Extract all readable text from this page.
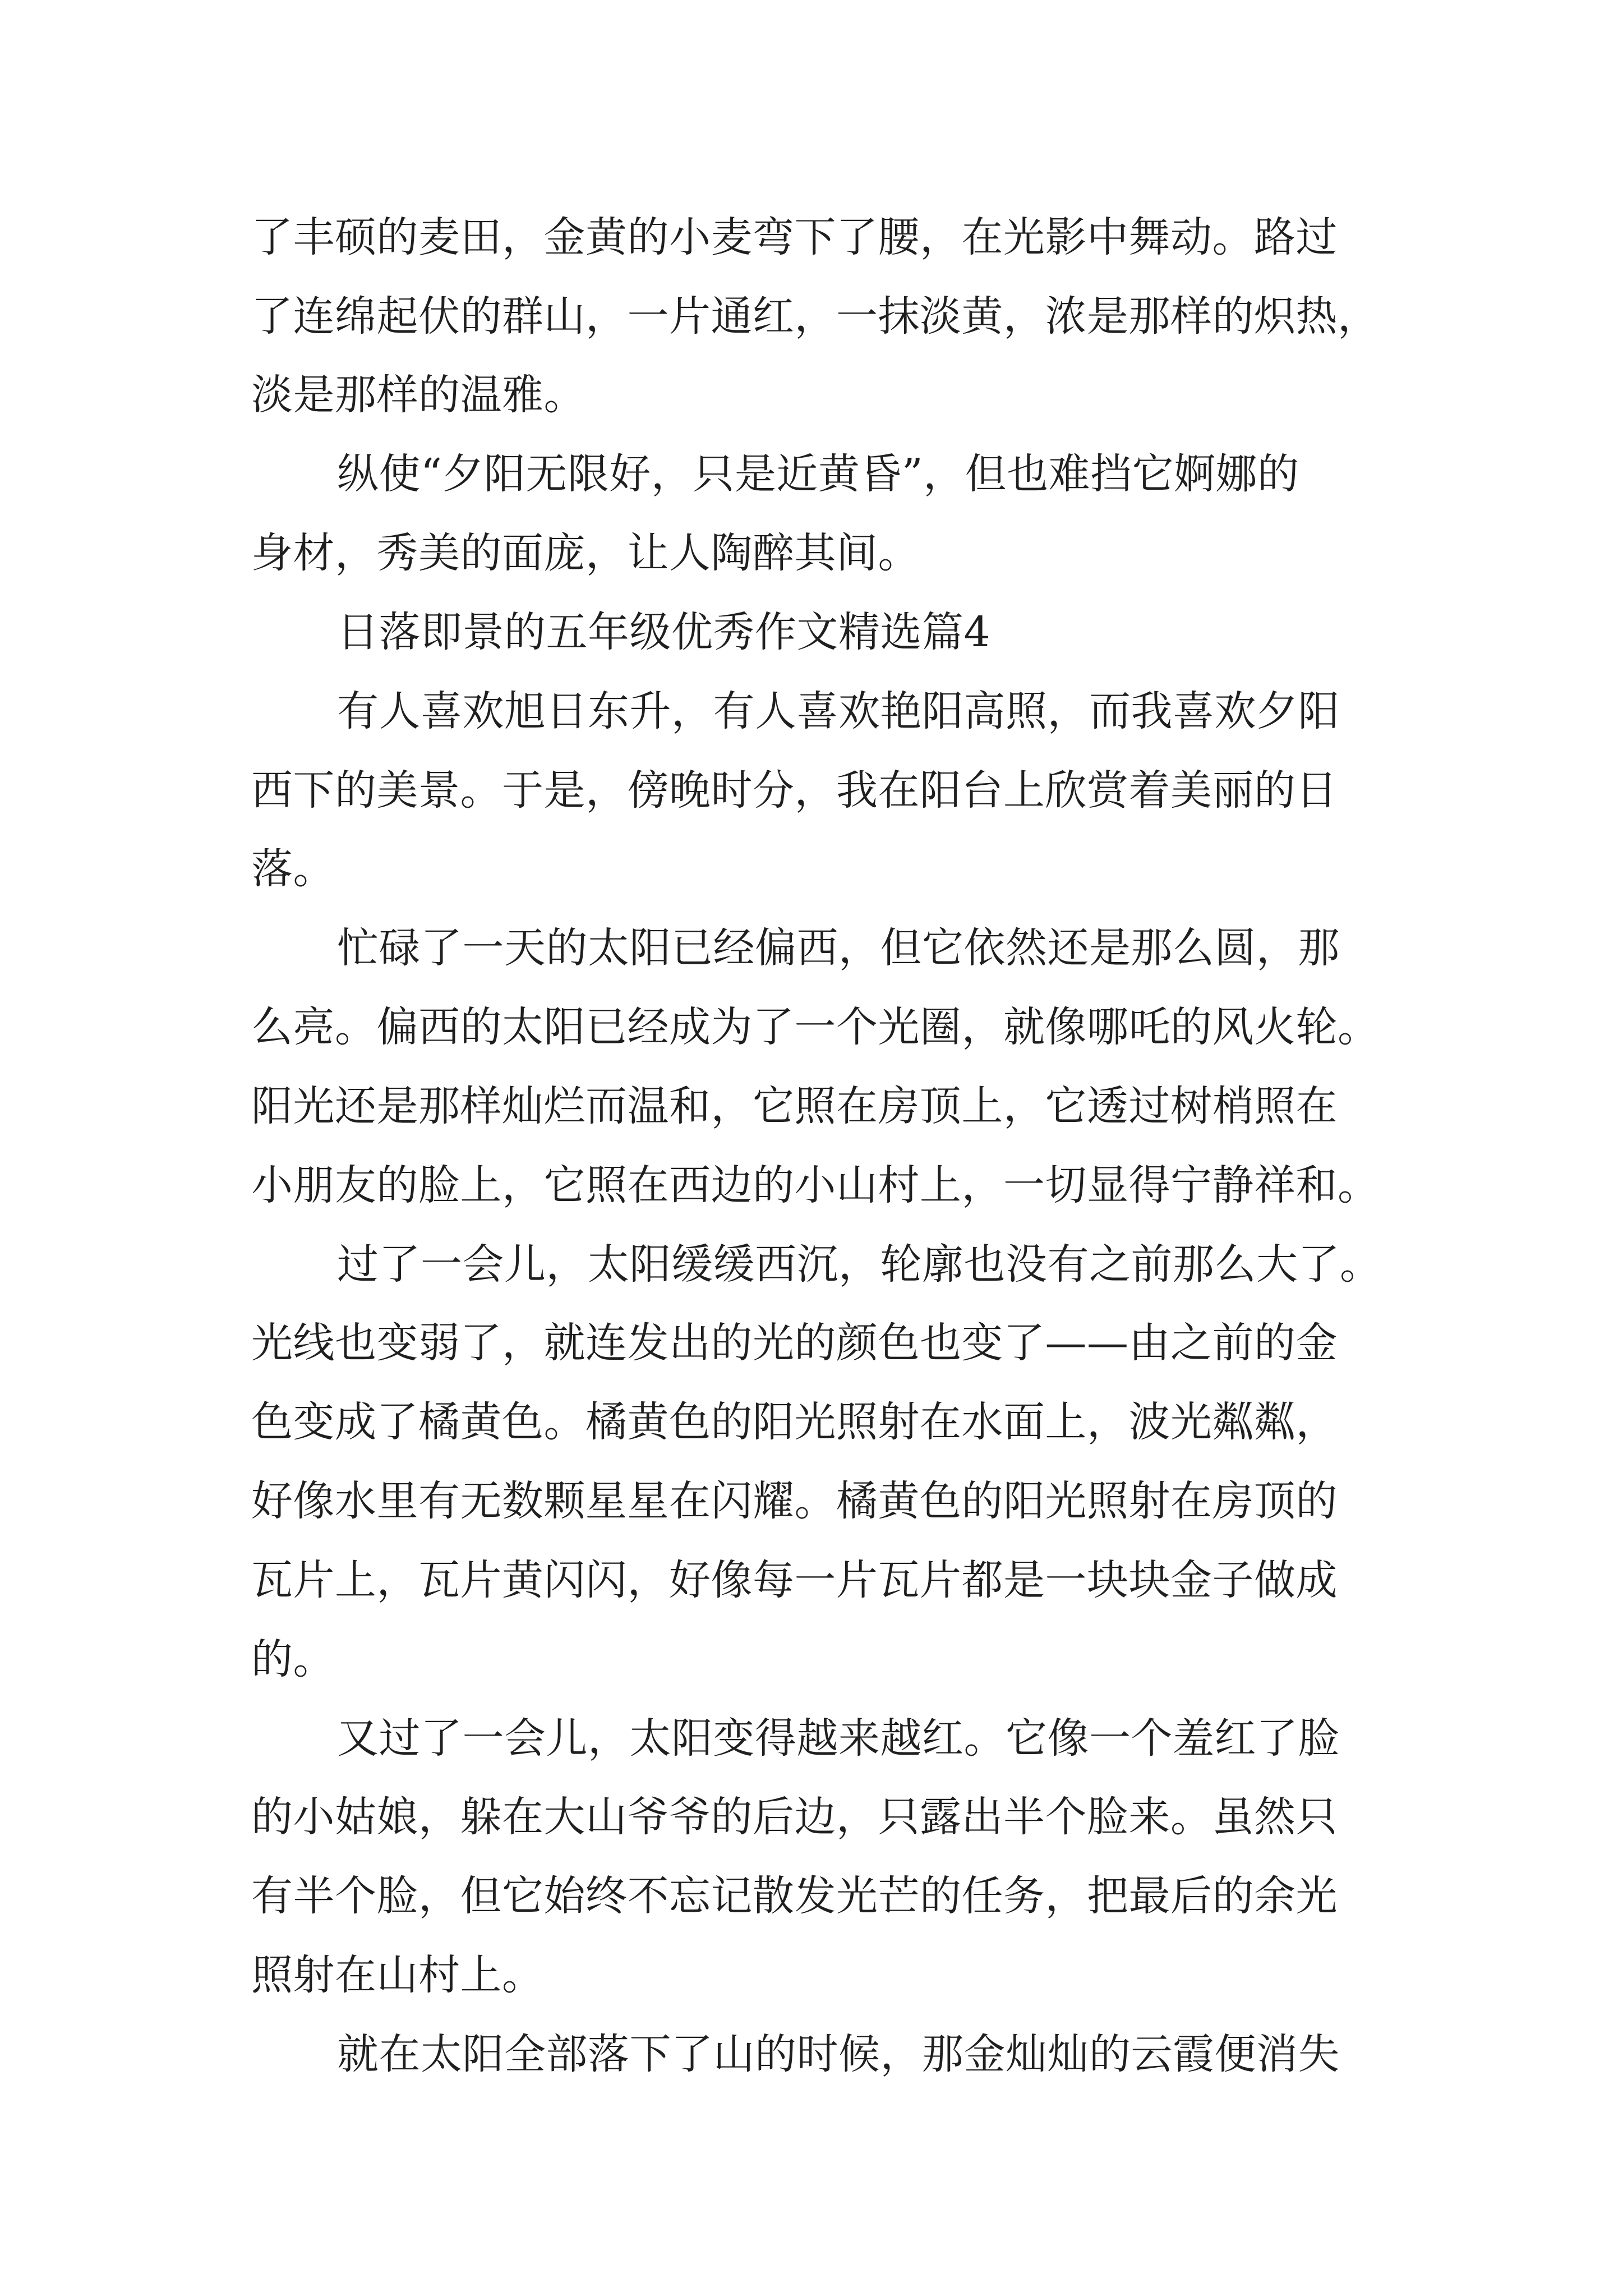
了丰硕的麦田，金黄的小麦弯下了腰，在光影中舞动。路过

了连绵起伏的群山，一片通红，一抹淡黄，浓是那样的炽热，

淡是那样的温雅。

纵使“夕阳无限好，只是近黄昏”，但也难挡它婀娜的

身材，秀美的面庞，让人陶醉其间。

日落即景的五年级优秀作文精选篇4

有人喜欢旭日东升，有人喜欢艳阳高照，而我喜欢夕阳

西下的美景。于是，傍晚时分，我在阳台上欣赏着美丽的日

落。

忙碌了一天的太阳已经偏西，但它依然还是那么圆，那

么亮。偏西的太阳已经成为了一个光圈，就像哪吒的风火轮。

阳光还是那样灿烂而温和，它照在房顶上，它透过树梢照在

小朋友的脸上，它照在西边的小山村上，一切显得宁静祥和。

过了一会儿，太阳缓缓西沉，轮廓也没有之前那么大了。

光线也变弱了，就连发出的光的颜色也变了——由之前的金

色变成了橘黄色。橘黄色的阳光照射在水面上，波光粼粼，

好像水里有无数颗星星在闪耀。橘黄色的阳光照射在房顶的

瓦片上，瓦片黄闪闪，好像每一片瓦片都是一块块金子做成

的。

又过了一会儿，太阳变得越来越红。它像一个羞红了脸

的小姑娘，躲在大山爷爷的后边，只露出半个脸来。虽然只

有半个脸，但它始终不忘记散发光芒的任务，把最后的余光

照射在山村上。

就在太阳全部落下了山的时候，那金灿灿的云霞便消失
